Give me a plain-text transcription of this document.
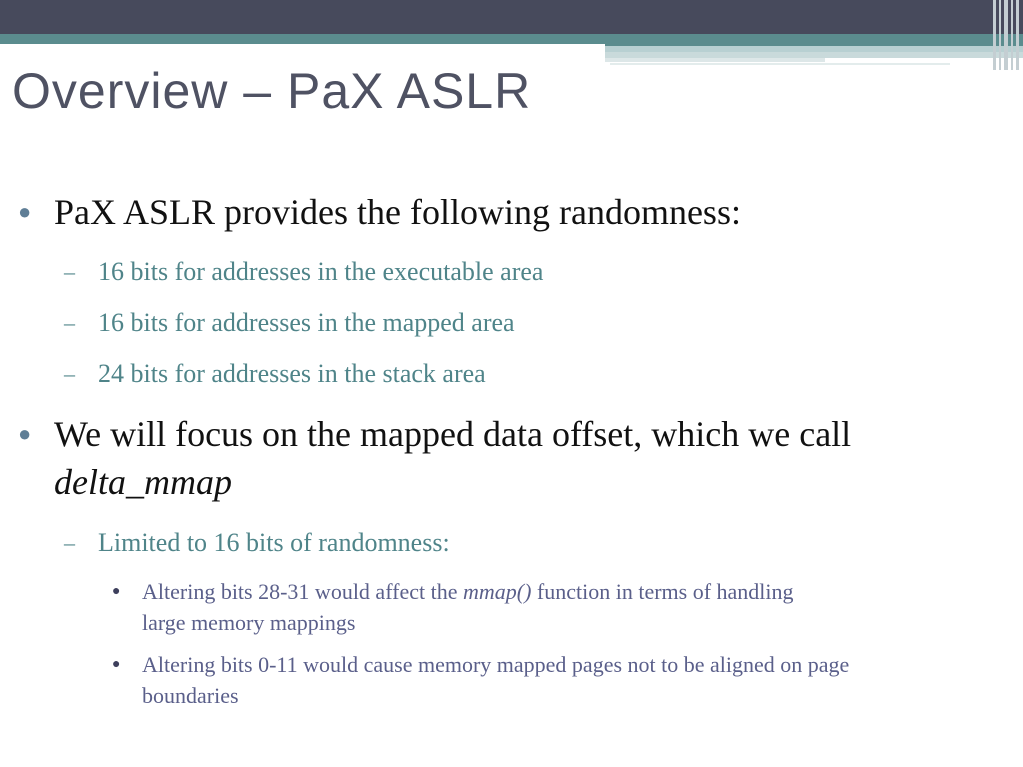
Overview – PaX ASLR
● PaX ASLR provides the following randomness:
– 16 bits for addresses in the executable area
– 16 bits for addresses in the mapped area
– 24 bits for addresses in the stack area
● We will focus on the mapped data offset, which we call delta_mmap
– Limited to 16 bits of randomness:
● Altering bits 28-31 would affect the mmap() function in terms of handling large memory mappings
● Altering bits 0-11 would cause memory mapped pages not to be aligned on page boundaries
